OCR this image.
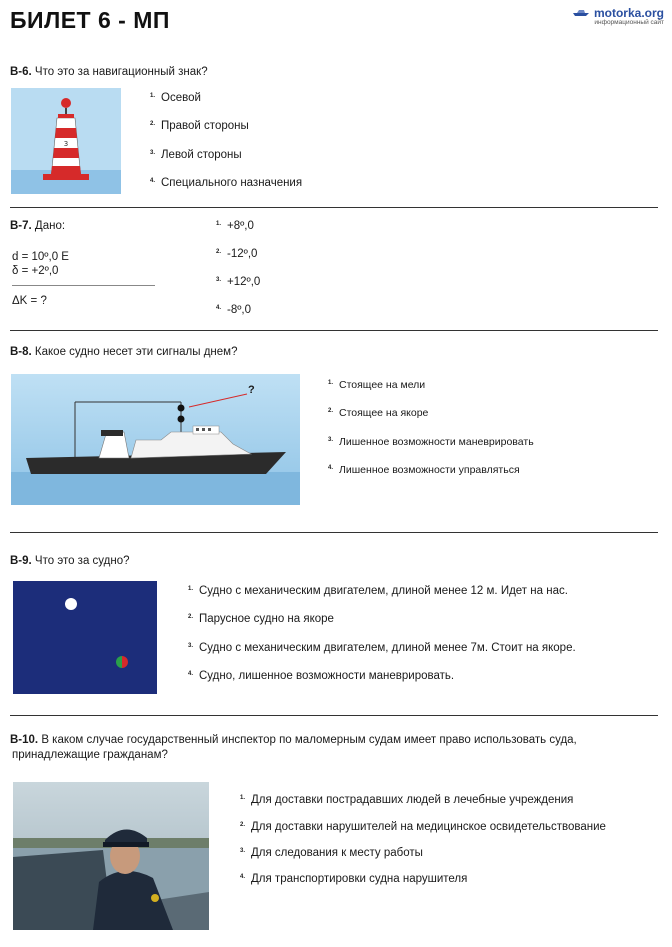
БИЛЕТ 6 - МП	motorka.org
информационный сайт
В-6. Что это за навигационный знак?
3
1. Осевой
2. Правой стороны
3. Левой стороны
4. Специального назначения
В-7. Дано:
d = 10º,0 E
δ = +2º,0
ΔK = ?
1. +8º,0
2. -12º,0
3. +12º,0
4. -8º,0
В-8. Какое судно несет эти сигналы днем?
?
1. Стоящее на мели
2. Стоящее на якоре
3. Лишенное возможности маневрировать
4. Лишенное возможности управляться
В-9. Что это за судно?
1. Судно с механическим двигателем, длиной менее 12 м. Идет на нас.
2. Парусное судно на якоре
3. Судно с механическим двигателем, длиной менее 7м. Стоит на якоре.
4. Судно, лишенное возможности маневрировать.
В-10. В каком случае государственный инспектор по маломерным судам имеет право использовать суда,
принадлежащие гражданам?
1. Для доставки пострадавших людей в лечебные учреждения
2. Для доставки нарушителей на медицинское освидетельствование
3. Для следования к месту работы
4. Для транспортировки судна нарушителя
